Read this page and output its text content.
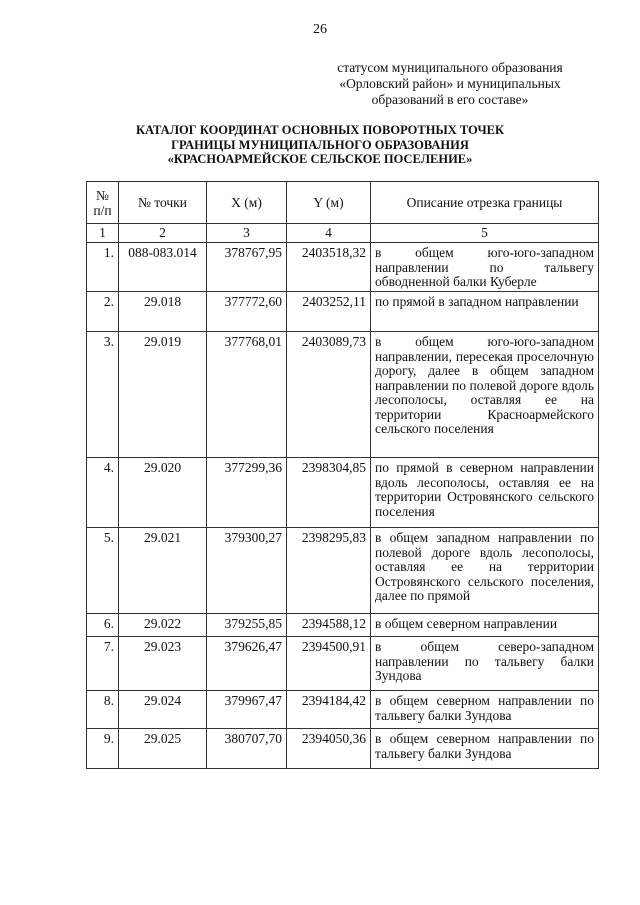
26
статусом муниципального образования
«Орловский район» и муниципальных
образований в его составе»
КАТАЛОГ КООРДИНАТ ОСНОВНЫХ ПОВОРОТНЫХ ТОЧЕК
ГРАНИЦЫ МУНИЦИПАЛЬНОГО ОБРАЗОВАНИЯ
«КРАСНОАРМЕЙСКОЕ СЕЛЬСКОЕ ПОСЕЛЕНИЕ»
№ п/п	№ точки	X (м)	Y (м)	Описание отрезка границы
1	2	3	4	5
1.	088-083.014	378767,95	2403518,32	в общем юго-юго-западном направлении по тальвегу обводненной балки Куберле
2.	29.018	377772,60	2403252,11	по прямой в западном направлении
3.	29.019	377768,01	2403089,73	в общем юго-юго-западном направлении, пересекая проселочную дорогу, далее в общем западном направлении по полевой дороге вдоль лесополосы, оставляя ее на территории Красноармейского сельского поселения
4.	29.020	377299,36	2398304,85	по прямой в северном направлении вдоль лесополосы, оставляя ее на территории Островянского сельского поселения
5.	29.021	379300,27	2398295,83	в общем западном направлении по полевой дороге вдоль лесополосы, оставляя ее на территории Островянского сельского поселения, далее по прямой
6.	29.022	379255,85	2394588,12	в общем северном направлении
7.	29.023	379626,47	2394500,91	в общем северо-западном направлении по тальвегу балки Зундова
8.	29.024	379967,47	2394184,42	в общем северном направлении по тальвегу балки Зундова
9.	29.025	380707,70	2394050,36	в общем северном направлении по тальвегу балки Зундова
